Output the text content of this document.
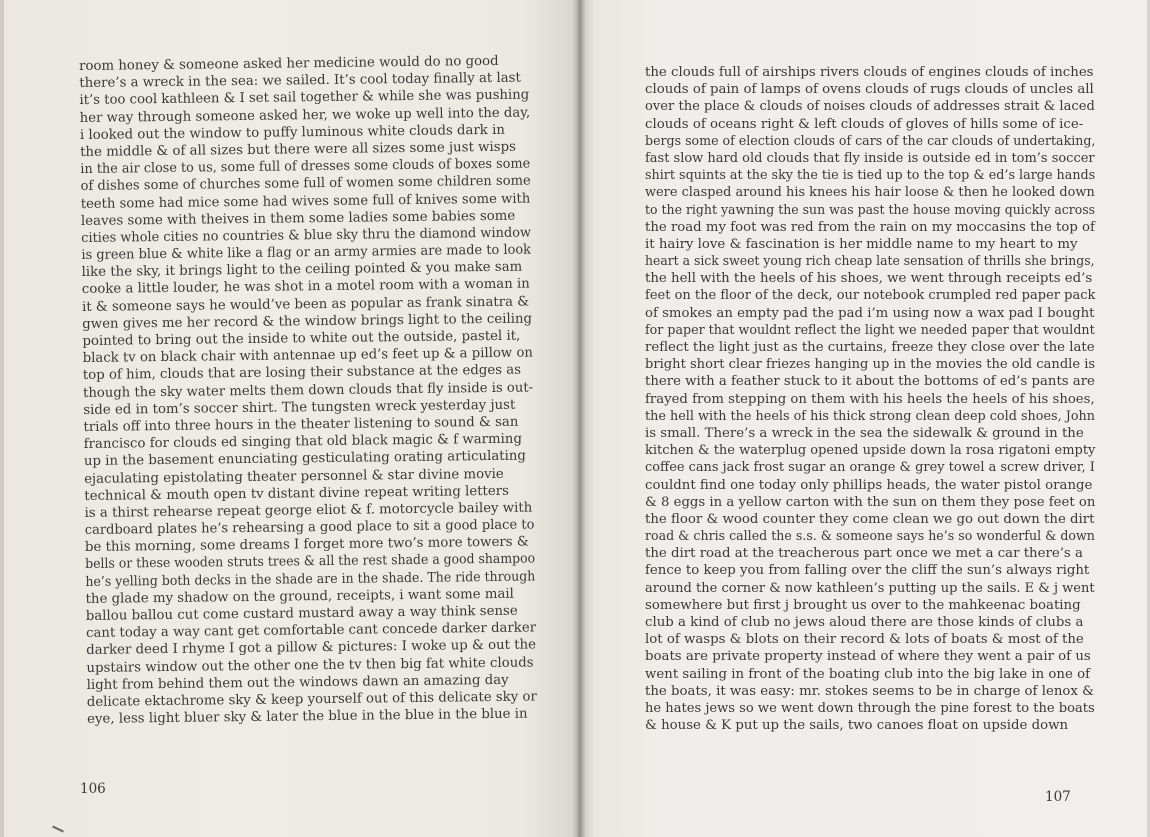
room honey & someone asked her medicine would do no good
there’s a wreck in the sea: we sailed. It’s cool today finally at last
it’s too cool kathleen & I set sail together & while she was pushing
her way through someone asked her, we woke up well into the day,
i looked out the window to puffy luminous white clouds dark in
the middle & of all sizes but there were all sizes some just wisps
in the air close to us, some full of dresses some clouds of boxes some
of dishes some of churches some full of women some children some
teeth some had mice some had wives some full of knives some with
leaves some with theives in them some ladies some babies some
cities whole cities no countries & blue sky thru the diamond window
is green blue & white like a flag or an army armies are made to look
like the sky, it brings light to the ceiling pointed & you make sam
cooke a little louder, he was shot in a motel room with a woman in
it & someone says he would’ve been as popular as frank sinatra &
gwen gives me her record & the window brings light to the ceiling
pointed to bring out the inside to white out the outside, pastel it,
black tv on black chair with antennae up ed’s feet up & a pillow on
top of him, clouds that are losing their substance at the edges as
though the sky water melts them down clouds that fly inside is out-
side ed in tom’s soccer shirt. The tungsten wreck yesterday just
trials off into three hours in the theater listening to sound & san
francisco for clouds ed singing that old black magic & f warming
up in the basement enunciating gesticulating orating articulating
ejaculating epistolating theater personnel & star divine movie
technical & mouth open tv distant divine repeat writing letters
is a thirst rehearse repeat george eliot & f. motorcycle bailey with
cardboard plates he’s rehearsing a good place to sit a good place to
be this morning, some dreams I forget more two’s more towers &
bells or these wooden struts trees & all the rest shade a good shampoo
he’s yelling both decks in the shade are in the shade. The ride through
the glade my shadow on the ground, receipts, i want some mail
ballou ballou cut come custard mustard away a way think sense
cant today a way cant get comfortable cant concede darker darker
darker deed I rhyme I got a pillow & pictures: I woke up & out the
upstairs window out the other one the tv then big fat white clouds
light from behind them out the windows dawn an amazing day
delicate ektachrome sky & keep yourself out of this delicate sky or
eye, less light bluer sky & later the blue in the blue in the blue in
106
the clouds full of airships rivers clouds of engines clouds of inches
clouds of pain of lamps of ovens clouds of rugs clouds of uncles all
over the place & clouds of noises clouds of addresses strait & laced
clouds of oceans right & left clouds of gloves of hills some of ice-
bergs some of election clouds of cars of the car clouds of undertaking,
fast slow hard old clouds that fly inside is outside ed in tom’s soccer
shirt squints at the sky the tie is tied up to the top & ed’s large hands
were clasped around his knees his hair loose & then he looked down
to the right yawning the sun was past the house moving quickly across
the road my foot was red from the rain on my moccasins the top of
it hairy love & fascination is her middle name to my heart to my
heart a sick sweet young rich cheap late sensation of thrills she brings,
the hell with the heels of his shoes, we went through receipts ed’s
feet on the floor of the deck, our notebook crumpled red paper pack
of smokes an empty pad the pad i’m using now a wax pad I bought
for paper that wouldnt reflect the light we needed paper that wouldnt
reflect the light just as the curtains, freeze they close over the late
bright short clear friezes hanging up in the movies the old candle is
there with a feather stuck to it about the bottoms of ed’s pants are
frayed from stepping on them with his heels the heels of his shoes,
the hell with the heels of his thick strong clean deep cold shoes, John
is small. There’s a wreck in the sea the sidewalk & ground in the
kitchen & the waterplug opened upside down la rosa rigatoni empty
coffee cans jack frost sugar an orange & grey towel a screw driver, I
couldnt find one today only phillips heads, the water pistol orange
& 8 eggs in a yellow carton with the sun on them they pose feet on
the floor & wood counter they come clean we go out down the dirt
road & chris called the s.s. & someone says he’s so wonderful & down
the dirt road at the treacherous part once we met a car there’s a
fence to keep you from falling over the cliff the sun’s always right
around the corner & now kathleen’s putting up the sails. E & j went
somewhere but first j brought us over to the mahkeenac boating
club a kind of club no jews aloud there are those kinds of clubs a
lot of wasps & blots on their record & lots of boats & most of the
boats are private property instead of where they went a pair of us
went sailing in front of the boating club into the big lake in one of
the boats, it was easy: mr. stokes seems to be in charge of lenox &
he hates jews so we went down through the pine forest to the boats
& house & K put up the sails, two canoes float on upside down
107
